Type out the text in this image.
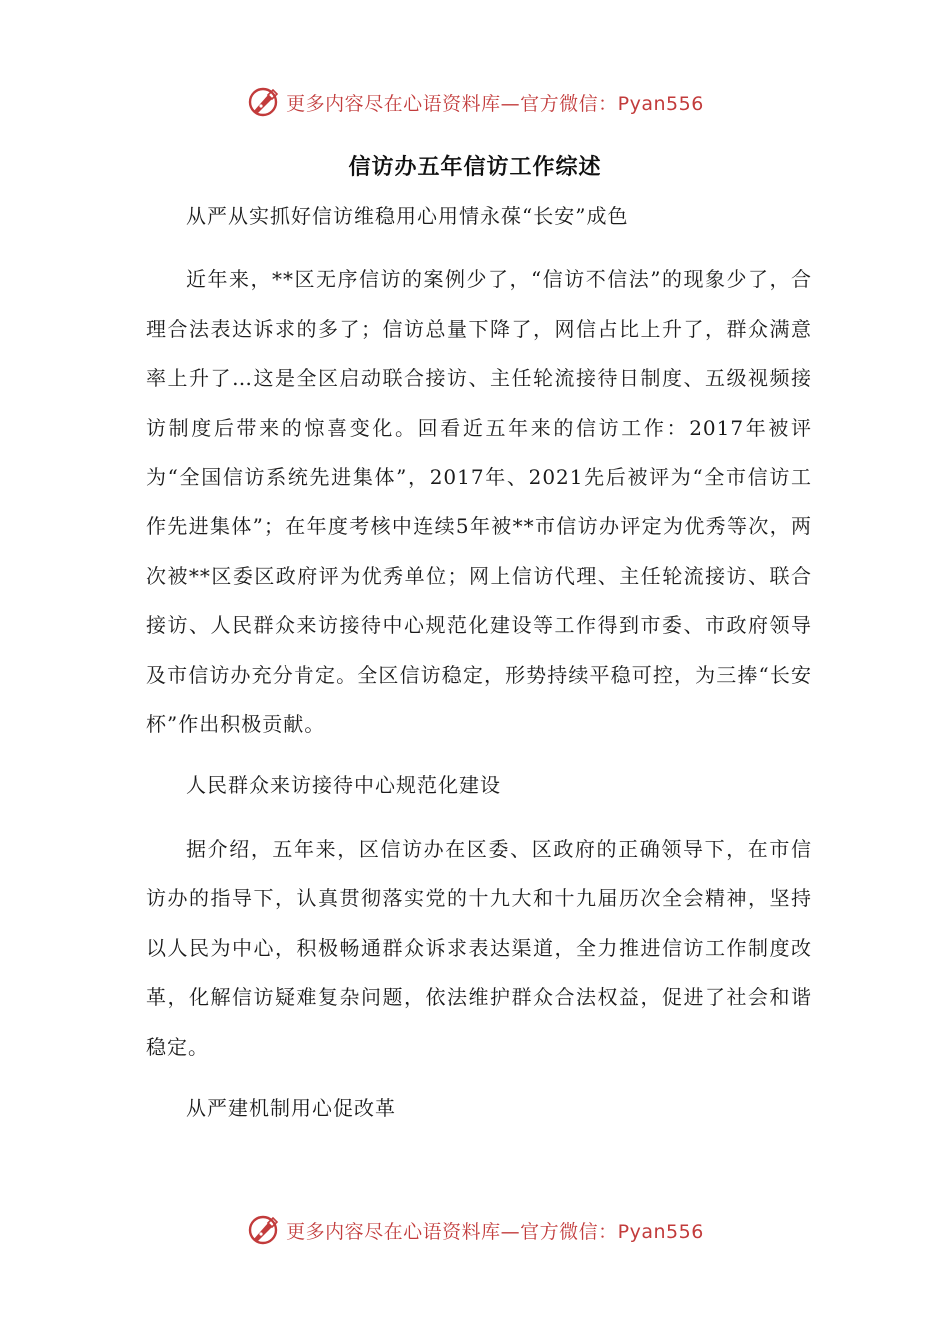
更多内容尽在心语资料库—官方微信：Pyan556
信访办五年信访工作综述

从严从实抓好信访维稳用心用情永葆“长安”成色

近年来，**区无序信访的案例少了，“信访不信法”的现象少了，合理合法表达诉求的多了；信访总量下降了，网信占比上升了，群众满意率上升了…这是全区启动联合接访、主任轮流接待日制度、五级视频接访制度后带来的惊喜变化。回看近五年来的信访工作：2017年被评为“全国信访系统先进集体”，2017年、2021先后被评为“全市信访工作先进集体”；在年度考核中连续5年被**市信访办评定为优秀等次，两次被**区委区政府评为优秀单位；网上信访代理、主任轮流接访、联合接访、人民群众来访接待中心规范化建设等工作得到市委、市政府领导及市信访办充分肯定。全区信访稳定，形势持续平稳可控，为三捧“长安杯”作出积极贡献。

人民群众来访接待中心规范化建设

据介绍，五年来，区信访办在区委、区政府的正确领导下，在市信访办的指导下，认真贯彻落实党的十九大和十九届历次全会精神，坚持以人民为中心，积极畅通群众诉求表达渠道，全力推进信访工作制度改革，化解信访疑难复杂问题，依法维护群众合法权益，促进了社会和谐稳定。

从严建机制用心促改革

更多内容尽在心语资料库—官方微信：Pyan556
